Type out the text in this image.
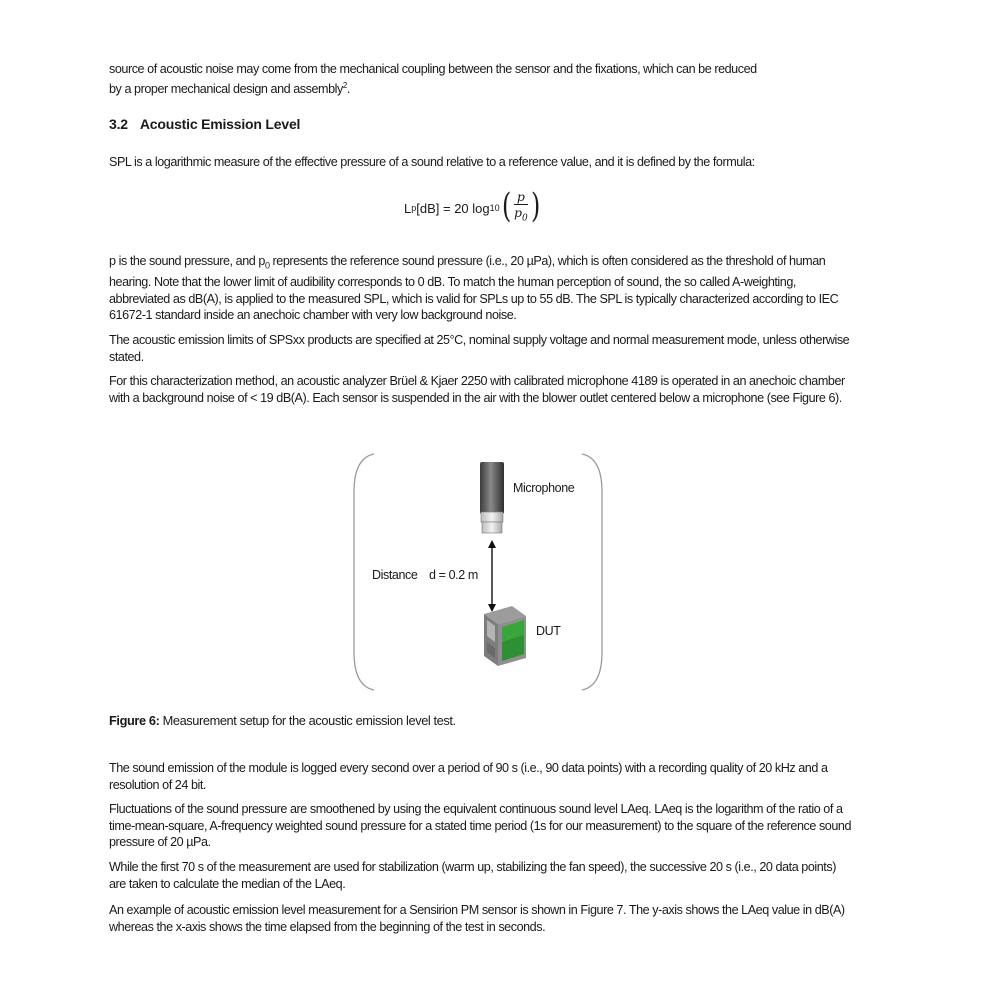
source of acoustic noise may come from the mechanical coupling between the sensor and the fixations, which can be reduced
by a proper mechanical design and assembly$^2$.

3.2 Acoustic Emission Level

SPL is a logarithmic measure of the effective pressure of a sound relative to a reference value, and it is defined by the formula:

L p [dB] = 20 log 10 ( $\frac{p}{p_0}$ )

p is the sound pressure, and $p_0$ represents the reference sound pressure (i.e., 20 µPa), which is often considered as the threshold of human hearing. Note that the lower limit of audibility corresponds to 0 dB. To match the human perception of sound, the so called A-weighting, abbreviated as dB(A), is applied to the measured SPL, which is valid for SPLs up to 55 dB. The SPL is typically characterized according to IEC 61672-1 standard inside an anechoic chamber with very low background noise.

The acoustic emission limits of SPSxx products are specified at 25°C, nominal supply voltage and normal measurement mode, unless otherwise stated.

For this characterization method, an acoustic analyzer Brüel & Kjaer 2250 with calibrated microphone 4189 is operated in an anechoic chamber with a background noise of < 19 dB(A). Each sensor is suspended in the air with the blower outlet centered below a microphone (see Figure 6).

Microphone
Distance d = 0.2 m
DUT
Figure 6: Measurement setup for the acoustic emission level test.

The sound emission of the module is logged every second over a period of 90 s (i.e., 90 data points) with a recording quality of 20 kHz and a resolution of 24 bit.

Fluctuations of the sound pressure are smoothened by using the equivalent continuous sound level LAeq. LAeq is the logarithm of the ratio of a time-mean-square, A-frequency weighted sound pressure for a stated time period (1s for our measurement) to the square of the reference sound pressure of 20 µPa.

While the first 70 s of the measurement are used for stabilization (warm up, stabilizing the fan speed), the successive 20 s (i.e., 20 data points) are taken to calculate the median of the LAeq.

An example of acoustic emission level measurement for a Sensirion PM sensor is shown in Figure 7. The y-axis shows the LAeq value in dB(A) whereas the x-axis shows the time elapsed from the beginning of the test in seconds.
